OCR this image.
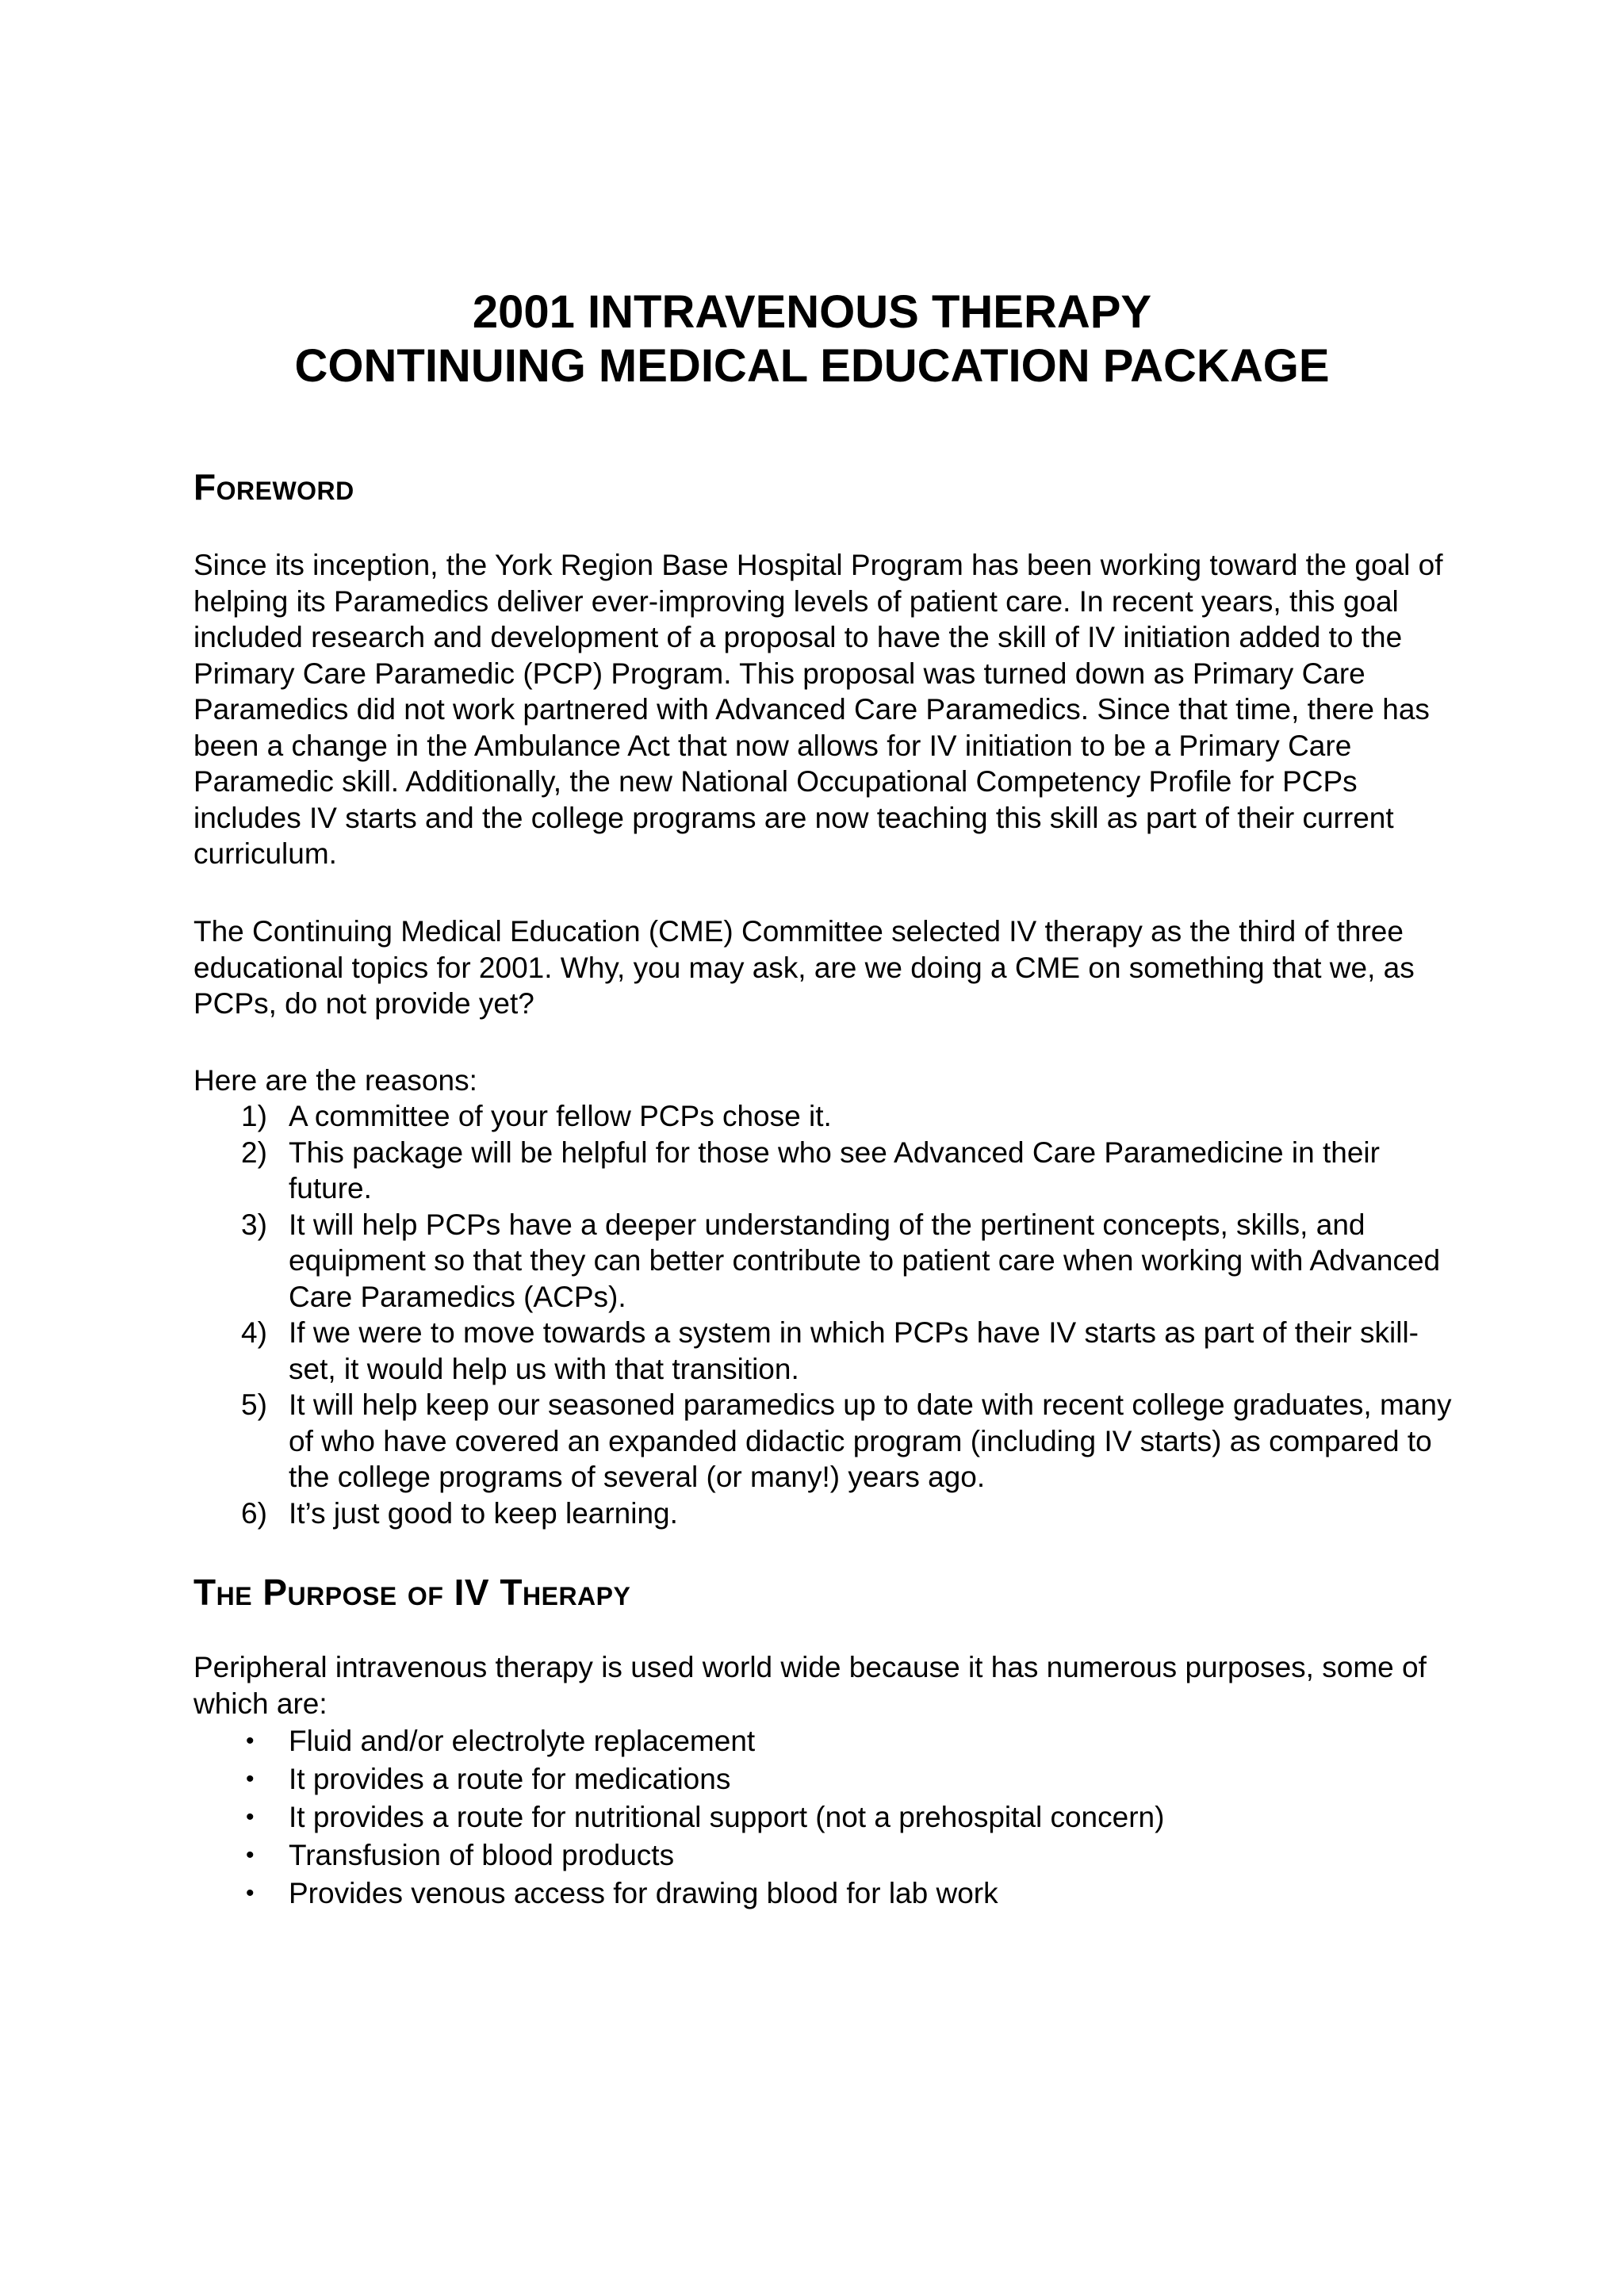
2001 INTRAVENOUS THERAPY
CONTINUING MEDICAL EDUCATION PACKAGE
Foreword

Since its inception, the York Region Base Hospital Program has been working toward the goal of helping its Paramedics deliver ever-improving levels of patient care. In recent years, this goal included research and development of a proposal to have the skill of IV initiation added to the Primary Care Paramedic (PCP) Program. This proposal was turned down as Primary Care Paramedics did not work partnered with Advanced Care Paramedics. Since that time, there has been a change in the Ambulance Act that now allows for IV initiation to be a Primary Care Paramedic skill. Additionally, the new National Occupational Competency Profile for PCPs includes IV starts and the college programs are now teaching this skill as part of their current curriculum.

The Continuing Medical Education (CME) Committee selected IV therapy as the third of three educational topics for 2001. Why, you may ask, are we doing a CME on something that we, as PCPs, do not provide yet?

Here are the reasons:

1) A committee of your fellow PCPs chose it.
2) This package will be helpful for those who see Advanced Care Paramedicine in their future.
3) It will help PCPs have a deeper understanding of the pertinent concepts, skills, and equipment so that they can better contribute to patient care when working with Advanced Care Paramedics (ACPs).
4) If we were to move towards a system in which PCPs have IV starts as part of their skill-set, it would help us with that transition.
5) It will help keep our seasoned paramedics up to date with recent college graduates, many of who have covered an expanded didactic program (including IV starts) as compared to the college programs of several (or many!) years ago.
6) It’s just good to keep learning.
The Purpose of IV Therapy

Peripheral intravenous therapy is used world wide because it has numerous purposes, some of which are:

• Fluid and/or electrolyte replacement
• It provides a route for medications
• It provides a route for nutritional support (not a prehospital concern)
• Transfusion of blood products
• Provides venous access for drawing blood for lab work
